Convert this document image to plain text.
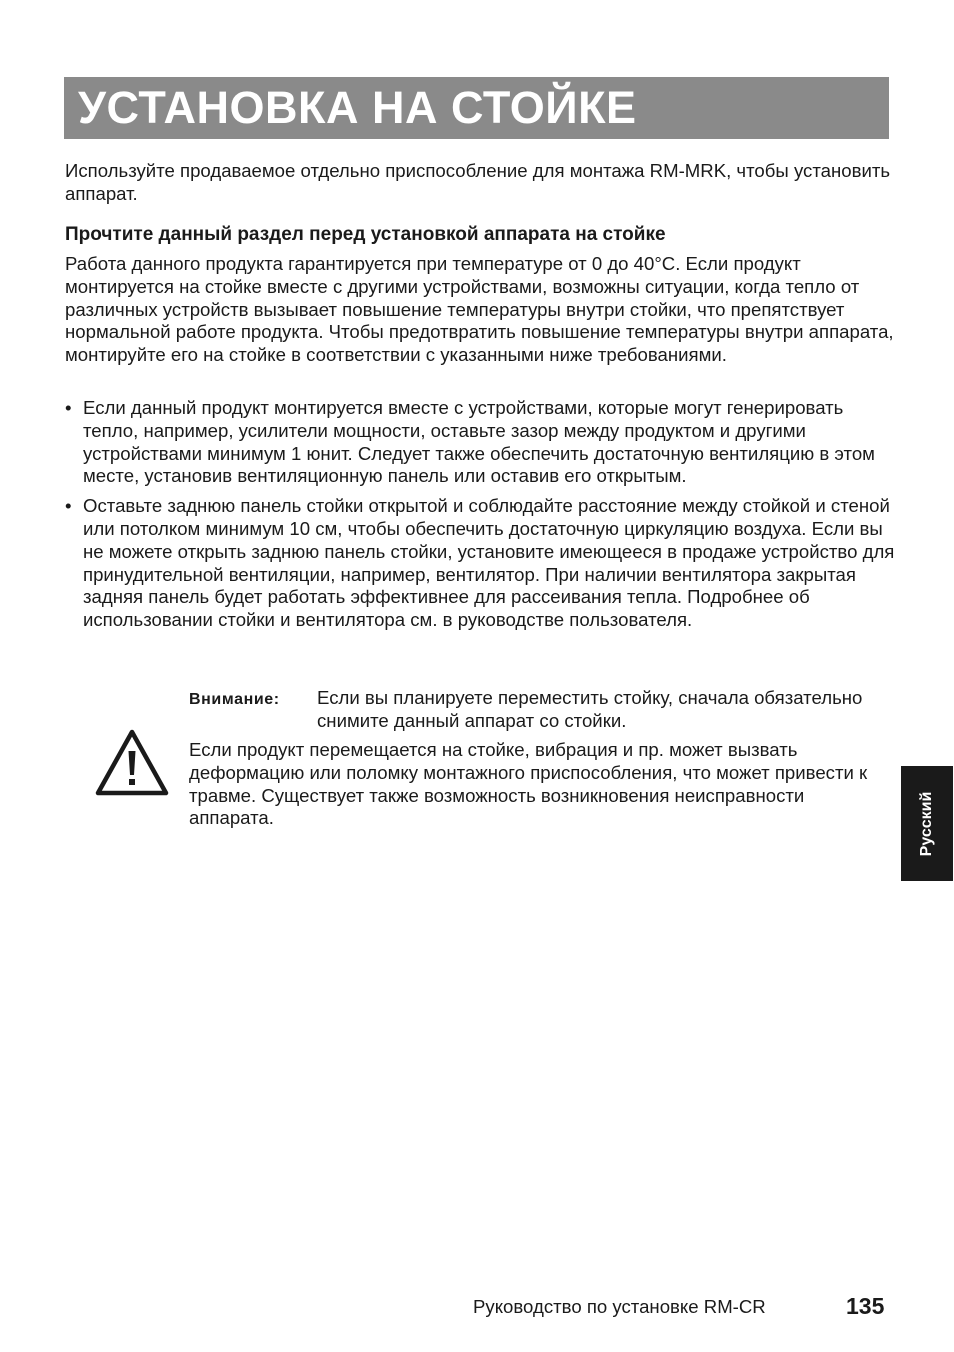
УСТАНОВКА НА СТОЙКЕ
Используйте продаваемое отдельно приспособление для монтажа RM-MRK, чтобы установить аппарат.
Прочтите данный раздел перед установкой аппарата на стойке
Работа данного продукта гарантируется при температуре от 0 до 40°С. Если продукт монтируется на стойке вместе с другими устройствами, возможны ситуации, когда тепло от различных устройств вызывает повышение температуры внутри стойки, что препятствует нормальной работе продукта. Чтобы предотвратить повышение температуры внутри аппарата, монтируйте его на стойке в соответствии с указанными ниже требованиями.
• Если данный продукт монтируется вместе с устройствами, которые могут генерировать тепло, например, усилители мощности, оставьте зазор между продуктом и другими устройствами минимум 1 юнит. Следует также обеспечить достаточную вентиляцию в этом месте, установив вентиляционную панель или оставив его открытым.
• Оставьте заднюю панель стойки открытой и соблюдайте расстояние между стойкой и стеной или потолком минимум 10 см, чтобы обеспечить достаточную циркуляцию воздуха. Если вы не можете открыть заднюю панель стойки, установите имеющееся в продаже устройство для принудительной вентиляции, например, вентилятор. При наличии вентилятора закрытая задняя панель будет работать эффективнее для рассеивания тепла. Подробнее об использовании стойки и вентилятора см. в руководстве пользователя.
Внимание: Если вы планируете переместить стойку, сначала обязательно снимите данный аппарат со стойки.
Если продукт перемещается на стойке, вибрация и пр. может вызвать деформацию или поломку монтажного приспособления, что может привести к травме. Существует также возможность возникновения неисправности аппарата.	Русский
Руководство по установке RM-CR	135
